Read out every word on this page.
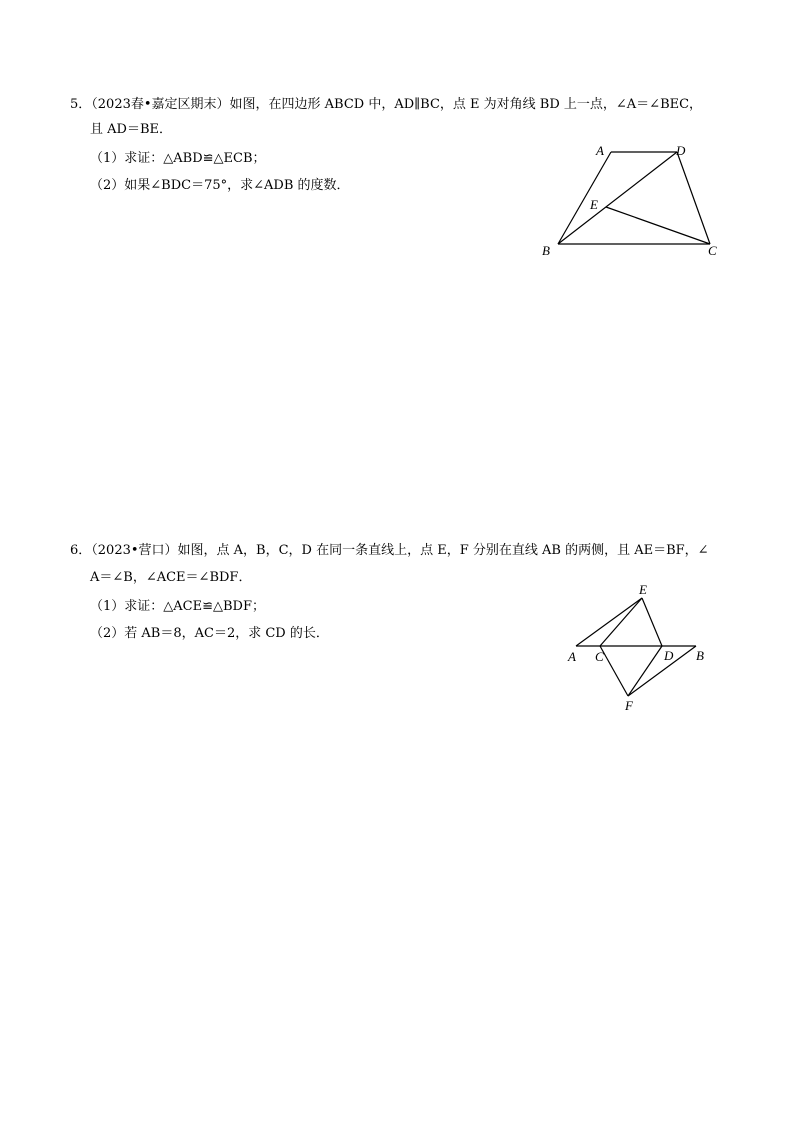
5．（2023春•嘉定区期末）如图，在四边形 ABCD 中，AD∥BC，点 E 为对角线 BD 上一点，∠A＝∠BEC，
且 AD＝BE．
（1）求证：△ABD≌△ECB；
（2）如果∠BDC＝75°，求∠ADB 的度数．
A	D
E
B	C
6．（2023•营口）如图，点 A，B，C，D 在同一条直线上，点 E，F 分别在直线 AB 的两侧，且 AE＝BF，∠
A＝∠B，∠ACE＝∠BDF．
（1）求证：△ACE≌△BDF；
（2）若 AB＝8，AC＝2，求 CD 的长．
E
A C	D B
F
